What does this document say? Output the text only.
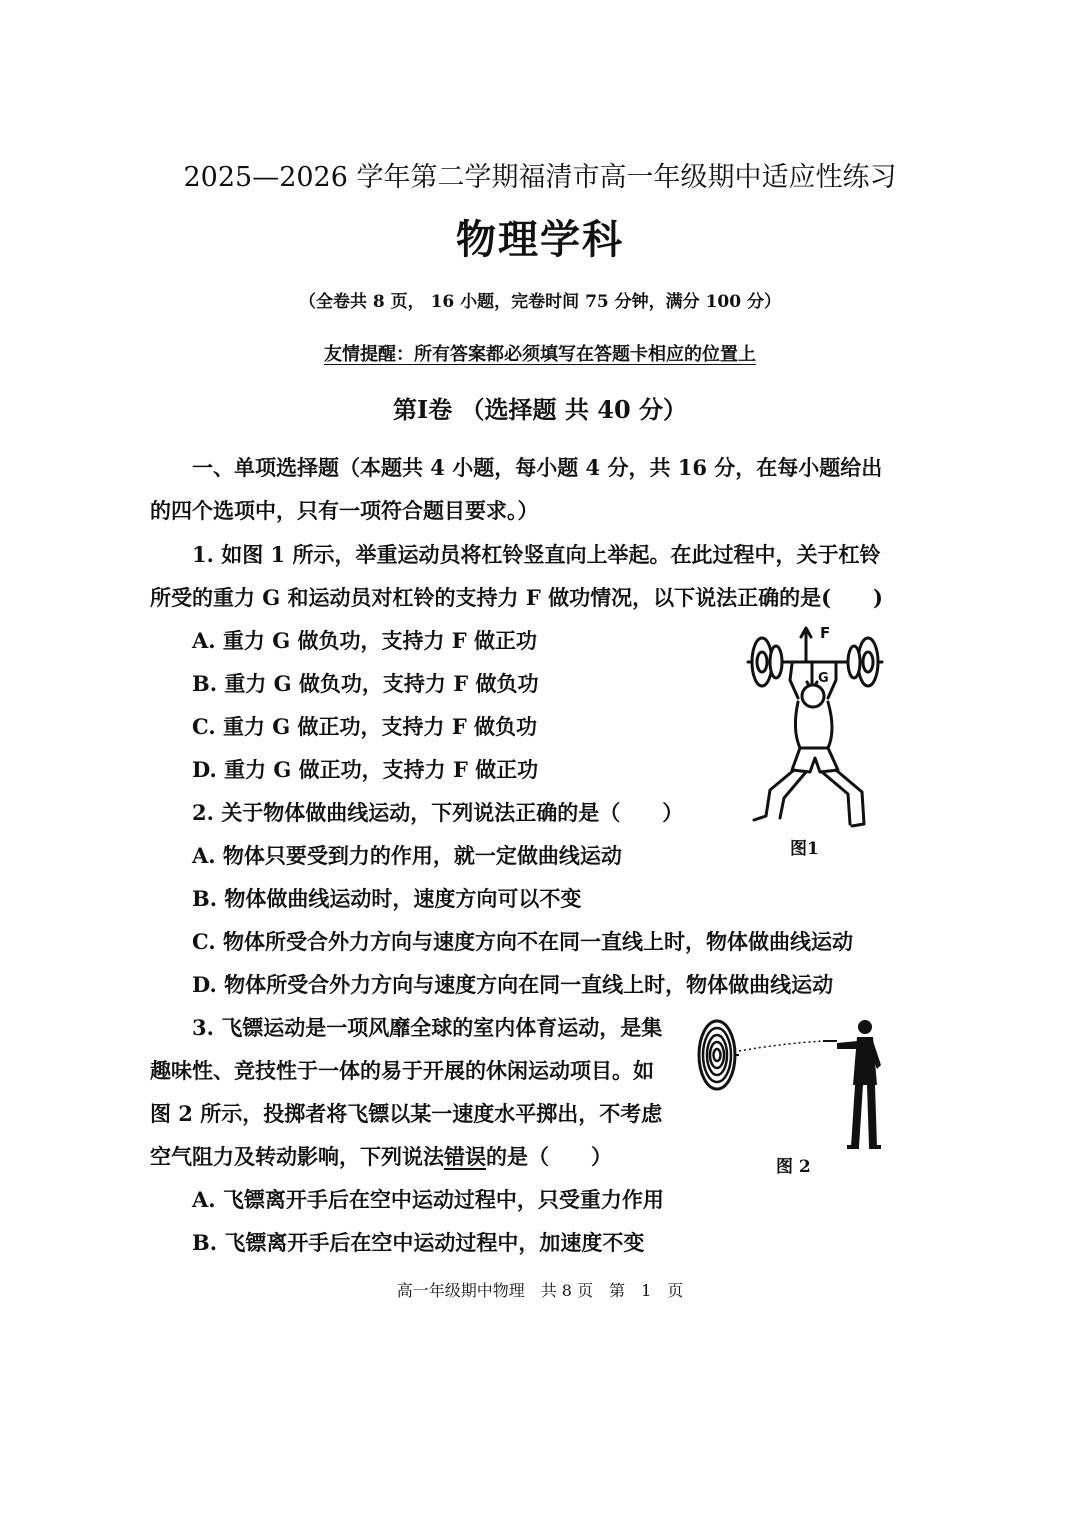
2025—2026 学年第二学期福清市高一年级期中适应性练习
物理学科
（全卷共 8 页， 16 小题，完卷时间 75 分钟，满分 100 分）
友情提醒：所有答案都必须填写在答题卡相应的位置上
第Ⅰ卷 （选择题 共 40 分）
一、单项选择题（本题共 4 小题，每小题 4 分，共 16 分，在每小题给出
的四个选项中，只有一项符合题目要求。）
1. 如图 1 所示，举重运动员将杠铃竖直向上举起。在此过程中，关于杠铃
所受的重力 G 和运动员对杠铃的支持力 F 做功情况，以下说法正确的是(　　)
A. 重力 G 做负功，支持力 F 做正功
B. 重力 G 做负功，支持力 F 做负功
C. 重力 G 做正功，支持力 F 做负功
D. 重力 G 做正功，支持力 F 做正功
F
G
图1
2. 关于物体做曲线运动，下列说法正确的是（　　）
A. 物体只要受到力的作用，就一定做曲线运动
B. 物体做曲线运动时，速度方向可以不变
C. 物体所受合外力方向与速度方向不在同一直线上时，物体做曲线运动
D. 物体所受合外力方向与速度方向在同一直线上时，物体做曲线运动
3. 飞镖运动是一项风靡全球的室内体育运动，是集
趣味性、竞技性于一体的易于开展的休闲运动项目。如
图 2 所示，投掷者将飞镖以某一速度水平掷出，不考虑
空气阻力及转动影响，下列说法错误的是（　　）
A. 飞镖离开手后在空中运动过程中，只受重力作用
B. 飞镖离开手后在空中运动过程中，加速度不变
图 2
高一年级期中物理　共 8 页　第　1　页
